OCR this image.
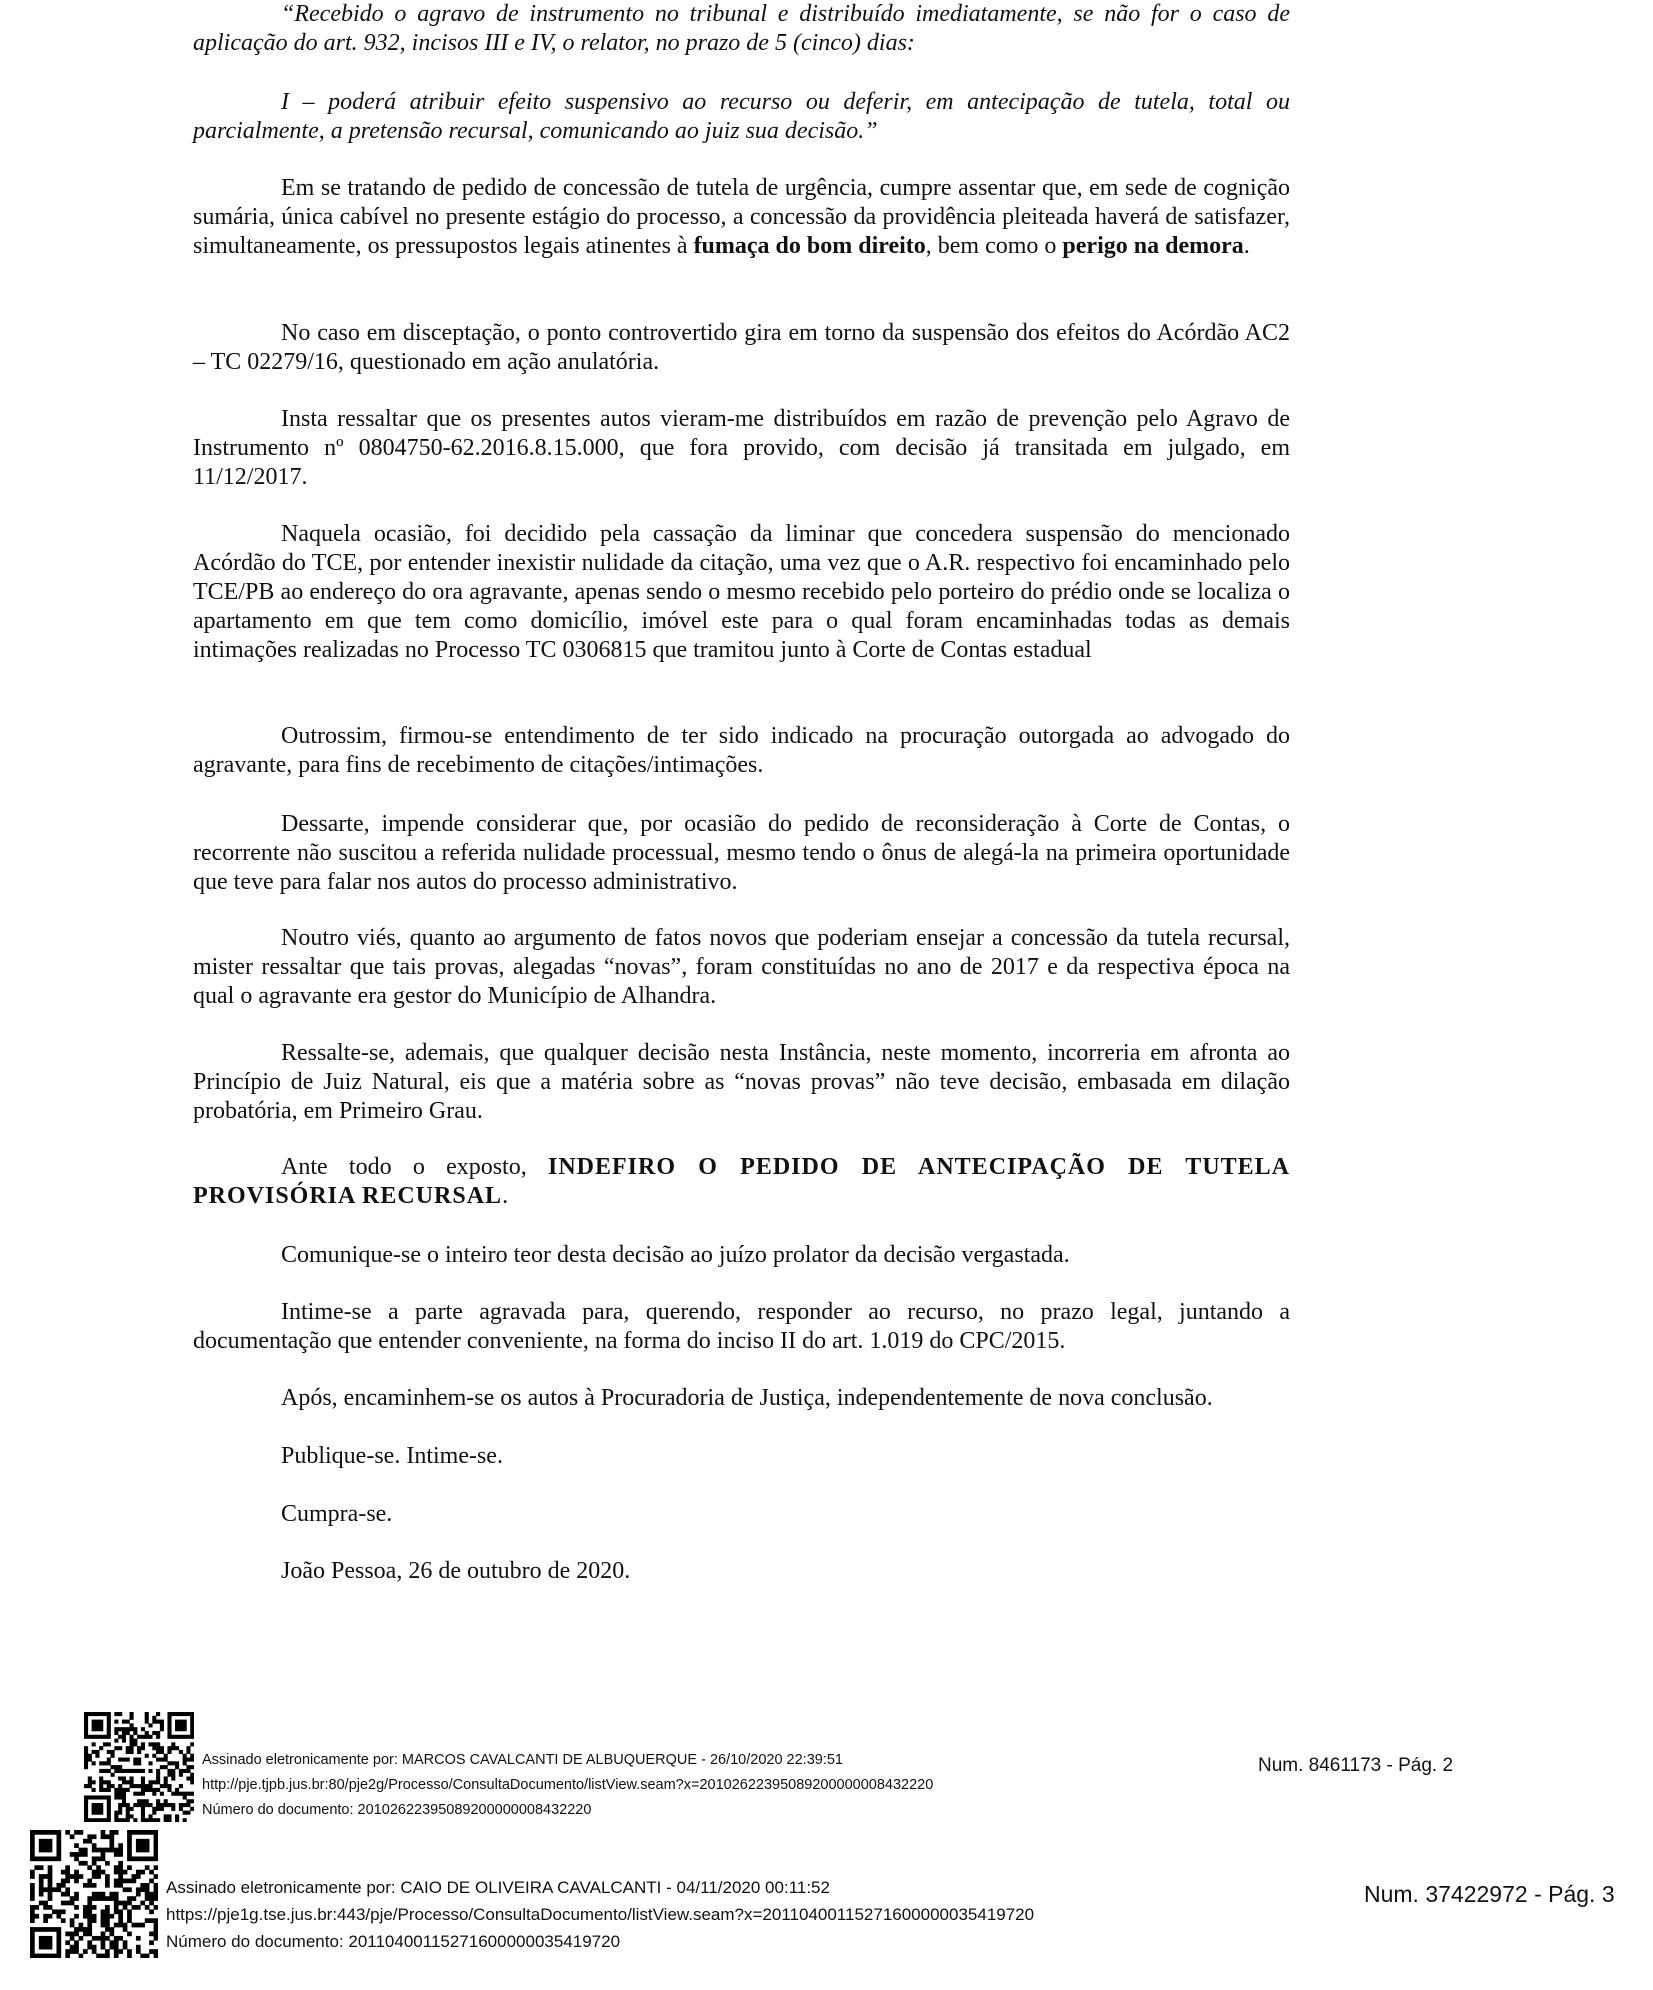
“Recebido o agravo de instrumento no tribunal e distribuído imediatamente, se não for o caso de aplicação do art. 932, incisos III e IV, o relator, no prazo de 5 (cinco) dias:

I – poderá atribuir efeito suspensivo ao recurso ou deferir, em antecipação de tutela, total ou parcialmente, a pretensão recursal, comunicando ao juiz sua decisão.”

Em se tratando de pedido de concessão de tutela de urgência, cumpre assentar que, em sede de cognição sumária, única cabível no presente estágio do processo, a concessão da providência pleiteada haverá de satisfazer, simultaneamente, os pressupostos legais atinentes à fumaça do bom direito, bem como o perigo na demora.

No caso em disceptação, o ponto controvertido gira em torno da suspensão dos efeitos do Acórdão AC2 – TC 02279/16, questionado em ação anulatória.

Insta ressaltar que os presentes autos vieram-me distribuídos em razão de prevenção pelo Agravo de Instrumento nº 0804750-62.2016.8.15.000, que fora provido, com decisão já transitada em julgado, em 11/12/2017.

Naquela ocasião, foi decidido pela cassação da liminar que concedera suspensão do mencionado Acórdão do TCE, por entender inexistir nulidade da citação, uma vez que o A.R. respectivo foi encaminhado pelo TCE/PB ao endereço do ora agravante, apenas sendo o mesmo recebido pelo porteiro do prédio onde se localiza o apartamento em que tem como domicílio, imóvel este para o qual foram encaminhadas todas as demais intimações realizadas no Processo TC 0306815 que tramitou junto à Corte de Contas estadual

Outrossim, firmou-se entendimento de ter sido indicado na procuração outorgada ao advogado do agravante, para fins de recebimento de citações/intimações.

Dessarte, impende considerar que, por ocasião do pedido de reconsideração à Corte de Contas, o recorrente não suscitou a referida nulidade processual, mesmo tendo o ônus de alegá-la na primeira oportunidade que teve para falar nos autos do processo administrativo.

Noutro viés, quanto ao argumento de fatos novos que poderiam ensejar a concessão da tutela recursal, mister ressaltar que tais provas, alegadas “novas”, foram constituídas no ano de 2017 e da respectiva época na qual o agravante era gestor do Município de Alhandra.

Ressalte-se, ademais, que qualquer decisão nesta Instância, neste momento, incorreria em afronta ao Princípio de Juiz Natural, eis que a matéria sobre as “novas provas” não teve decisão, embasada em dilação probatória, em Primeiro Grau.

Ante todo o exposto, INDEFIRO O PEDIDO DE ANTECIPAÇÃO DE TUTELA PROVISÓRIA RECURSAL.

Comunique-se o inteiro teor desta decisão ao juízo prolator da decisão vergastada.

Intime-se a parte agravada para, querendo, responder ao recurso, no prazo legal, juntando a documentação que entender conveniente, na forma do inciso II do art. 1.019 do CPC/2015.

Após, encaminhem-se os autos à Procuradoria de Justiça, independentemente de nova conclusão.

Publique-se. Intime-se.

Cumpra-se.

João Pessoa, 26 de outubro de 2020.

Assinado eletronicamente por: MARCOS CAVALCANTI DE ALBUQUERQUE - 26/10/2020 22:39:51
http://pje.tjpb.jus.br:80/pje2g/Processo/ConsultaDocumento/listView.seam?x=20102622395089200000008432220
Número do documento: 20102622395089200000008432220
Num. 8461173 - Pág. 2
Assinado eletronicamente por: CAIO DE OLIVEIRA CAVALCANTI - 04/11/2020 00:11:52
https://pje1g.tse.jus.br:443/pje/Processo/ConsultaDocumento/listView.seam?x=20110400115271600000035419720
Número do documento: 20110400115271600000035419720
Num. 37422972 - Pág. 3
